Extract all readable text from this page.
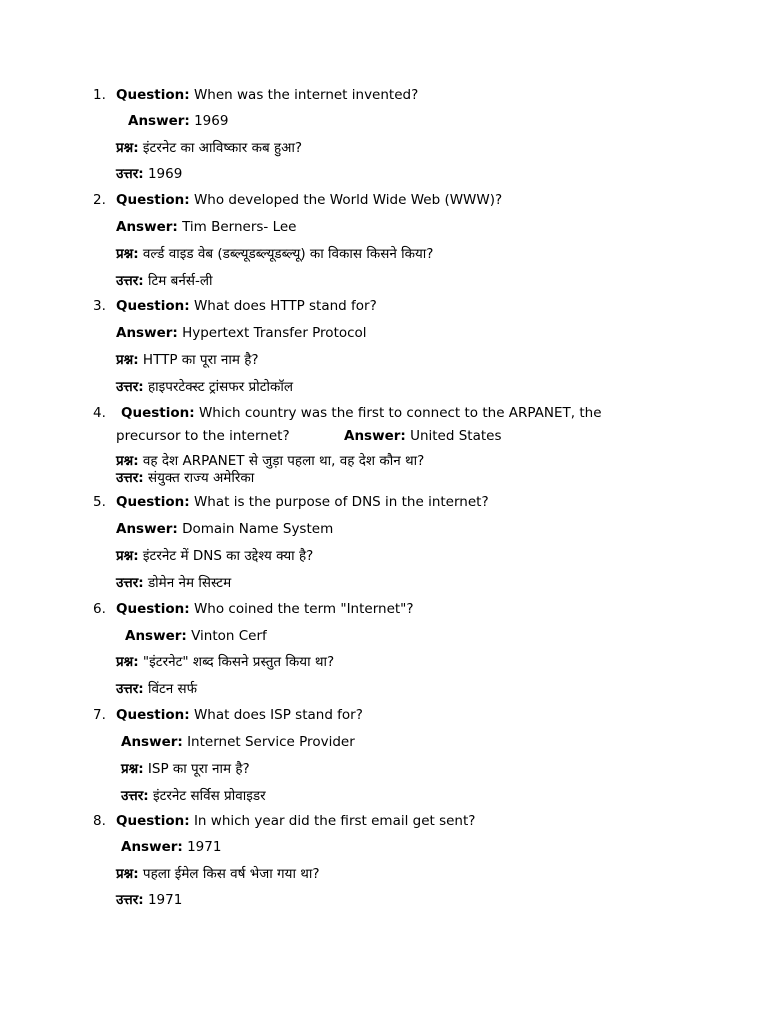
1. Question: When was the internet invented?
Answer: 1969
प्रश्न: इंटरनेट का आविष्कार कब हुआ?
उत्तर: 1969
2. Question: Who developed the World Wide Web (WWW)?
Answer: Tim Berners- Lee
प्रश्न: वर्ल्ड वाइड वेब (डब्ल्यूडब्ल्यूडब्ल्यू) का विकास किसने किया?
उत्तर: टिम बर्नर्स-ली
3. Question: What does HTTP stand for?
Answer: Hypertext Transfer Protocol
प्रश्न: HTTP का पूरा नाम है?
उत्तर: हाइपरटेक्स्ट ट्रांसफर प्रोटोकॉल
4. Question: Which country was the first to connect to the ARPANET, the
precursor to the internet?	Answer: United States
प्रश्न: वह देश ARPANET से जुड़ा पहला था, वह देश कौन था?
उत्तर: संयुक्त राज्य अमेरिका
5. Question: What is the purpose of DNS in the internet?
Answer: Domain Name System
प्रश्न: इंटरनेट में DNS का उद्देश्य क्या है?
उत्तर: डोमेन नेम सिस्टम
6. Question: Who coined the term "Internet"?
Answer: Vinton Cerf
प्रश्न: "इंटरनेट" शब्द किसने प्रस्तुत किया था?
उत्तर: विंटन सर्फ
7. Question: What does ISP stand for?
Answer: Internet Service Provider
प्रश्न: ISP का पूरा नाम है?
उत्तर: इंटरनेट सर्विस प्रोवाइडर
8. Question: In which year did the first email get sent?
Answer: 1971
प्रश्न: पहला ईमेल किस वर्ष भेजा गया था?
उत्तर: 1971
